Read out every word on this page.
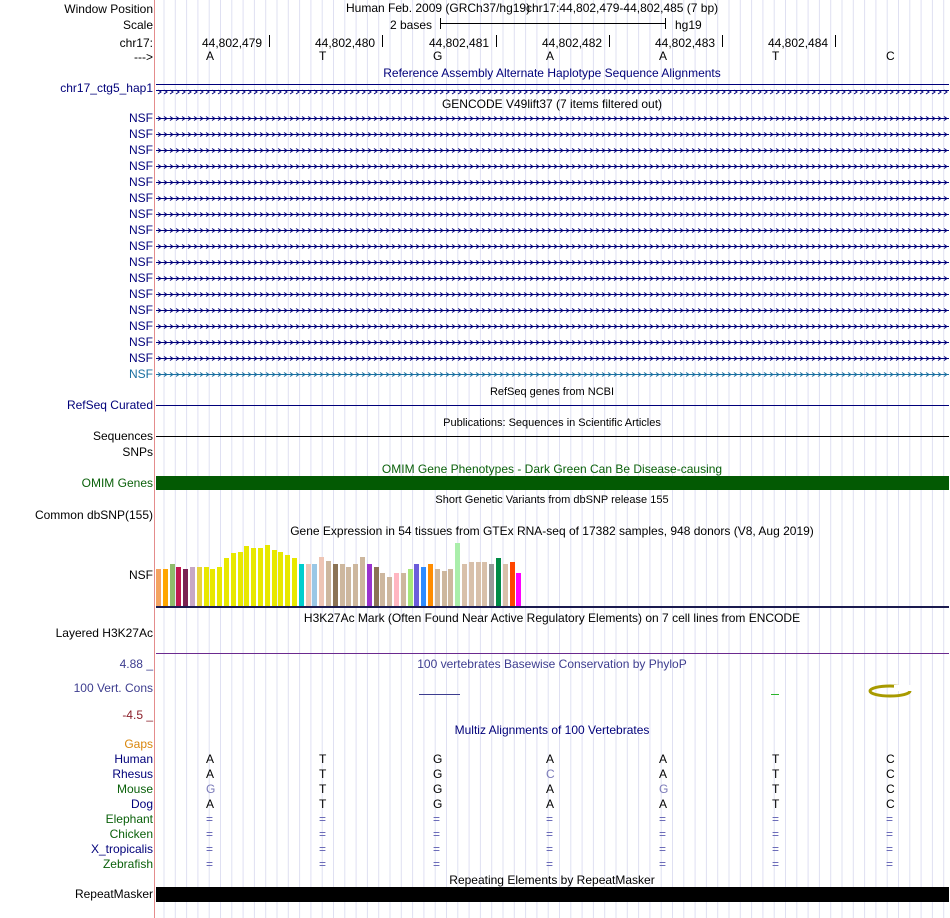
Window Position
Scale
chr17:
--->
Human Feb. 2009 (GRCh37/hg19)
chr17:44,802,479-44,802,485 (7 bp)
2 bases	hg19
44,802,479	44,802,480	44,802,481	44,802,482	44,802,483	44,802,484
A	T	G	A	A	T	C
Reference Assembly Alternate Haplotype Sequence Alignments
chr17_ctg5_hap1
GENCODE V49lift37 (7 items filtered out)
NSF
NSF
NSF
NSF
NSF
NSF
NSF
NSF
NSF
NSF
NSF
NSF
NSF
NSF
NSF
NSF
NSF
RefSeq genes from NCBI
RefSeq Curated
Publications: Sequences in Scientific Articles
Sequences
SNPs
OMIM Gene Phenotypes - Dark Green Can Be Disease-causing
OMIM Genes
Short Genetic Variants from dbSNP release 155
Common dbSNP(155)
Gene Expression in 54 tissues from GTEx RNA-seq of 17382 samples, 948 donors (V8, Aug 2019)
NSF
H3K27Ac Mark (Often Found Near Active Regulatory Elements) on 7 cell lines from ENCODE
Layered H3K27Ac
100 vertebrates Basewise Conservation by PhyloP
4.88 _
100 Vert. Cons
-4.5 _
Multiz Alignments of 100 Vertebrates
Gaps
Human	A	T	G	A	A	T	C
Rhesus	A	T	G	C	A	T	C
Mouse	G	T	G	A	G	T	C
Dog	A	T	G	A	A	T	C
Elephant	=	=	=	=	=	=	=
Chicken	=	=	=	=	=	=	=
X_tropicalis	=	=	=	=	=	=	=
Zebrafish	=	=	=	=	=	=	=
Repeating Elements by RepeatMasker
RepeatMasker
